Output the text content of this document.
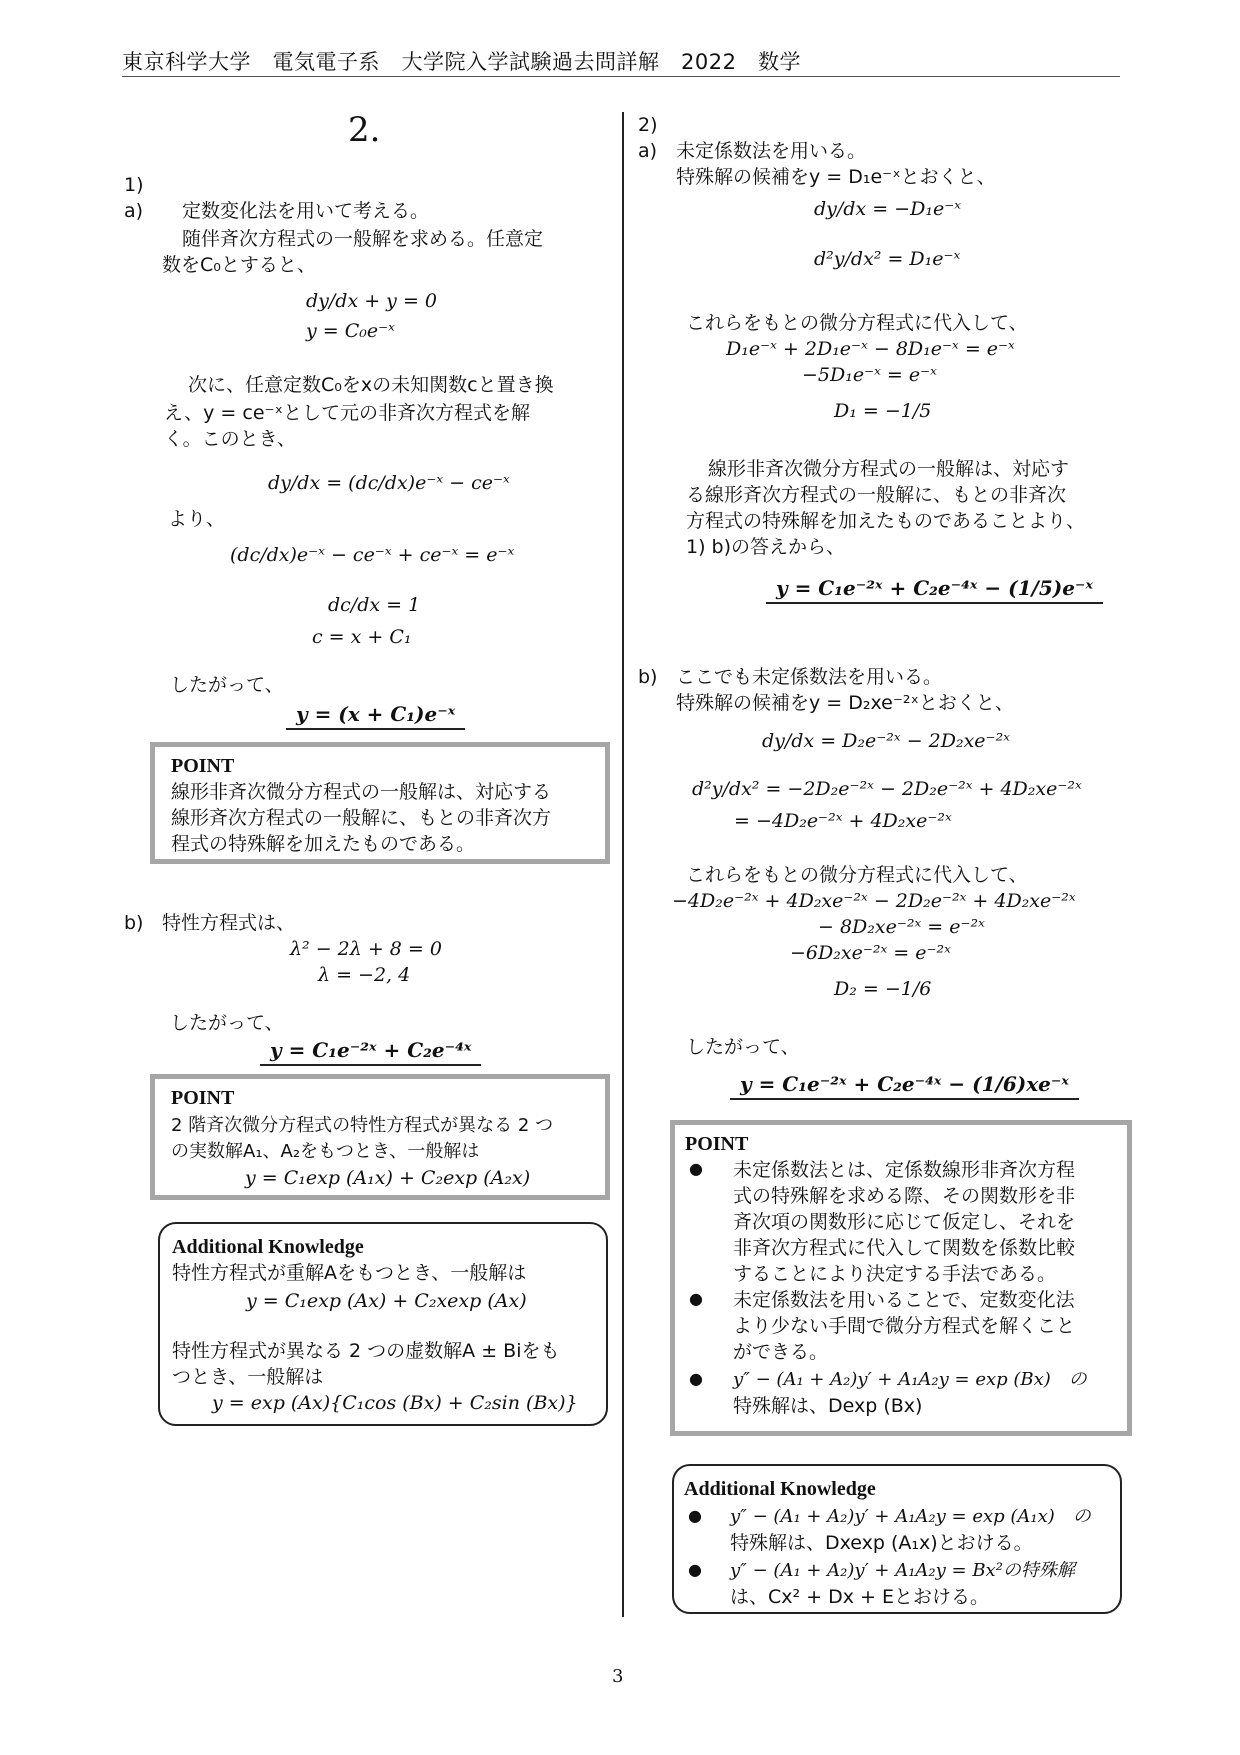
東京科学大学　電気電子系　大学院入学試験過去問詳解　2022　数学
2.
1)
a) 定数変化法を用いて考える。
随伴斉次方程式の一般解を求める。任意定
数をC₀とすると、
dy/dx + y = 0
y = C₀e⁻ˣ
次に、任意定数C₀をxの未知関数cと置き換
え、y = ce⁻ˣとして元の非斉次方程式を解
く。このとき、
dy/dx = (dc/dx)e⁻ˣ − ce⁻ˣ
より、
(dc/dx)e⁻ˣ − ce⁻ˣ + ce⁻ˣ = e⁻ˣ
dc/dx = 1
c = x + C₁
したがって、
y = (x + C₁)e⁻ˣ
POINT
線形非斉次微分方程式の一般解は、対応する
線形斉次方程式の一般解に、もとの非斉次方
程式の特殊解を加えたものである。
b) 特性方程式は、
λ² − 2λ + 8 = 0
λ = −2, 4
したがって、
y = C₁e⁻²ˣ + C₂e⁻⁴ˣ
POINT
2 階斉次微分方程式の特性方程式が異なる 2 つ
の実数解A₁、A₂をもつとき、一般解は
y = C₁exp (A₁x) + C₂exp (A₂x)
Additional Knowledge
特性方程式が重解Aをもつとき、一般解は
y = C₁exp (Ax) + C₂xexp (Ax)
特性方程式が異なる 2 つの虚数解A ± Biをも
つとき、一般解は
y = exp (Ax){C₁cos (Bx) + C₂sin (Bx)}
2)
a) 未定係数法を用いる。
特殊解の候補をy = D₁e⁻ˣとおくと、
dy/dx = −D₁e⁻ˣ
d²y/dx² = D₁e⁻ˣ
これらをもとの微分方程式に代入して、
D₁e⁻ˣ + 2D₁e⁻ˣ − 8D₁e⁻ˣ = e⁻ˣ
−5D₁e⁻ˣ = e⁻ˣ
D₁ = −1/5
線形非斉次微分方程式の一般解は、対応す
る線形斉次方程式の一般解に、もとの非斉次
方程式の特殊解を加えたものであることより、
1) b)の答えから、
y = C₁e⁻²ˣ + C₂e⁻⁴ˣ − (1/5)e⁻ˣ
b) ここでも未定係数法を用いる。
特殊解の候補をy = D₂xe⁻²ˣとおくと、
dy/dx = D₂e⁻²ˣ − 2D₂xe⁻²ˣ
d²y/dx² = −2D₂e⁻²ˣ − 2D₂e⁻²ˣ + 4D₂xe⁻²ˣ
= −4D₂e⁻²ˣ + 4D₂xe⁻²ˣ
これらをもとの微分方程式に代入して、
−4D₂e⁻²ˣ + 4D₂xe⁻²ˣ − 2D₂e⁻²ˣ + 4D₂xe⁻²ˣ
− 8D₂xe⁻²ˣ = e⁻²ˣ
−6D₂xe⁻²ˣ = e⁻²ˣ
D₂ = −1/6
したがって、
y = C₁e⁻²ˣ + C₂e⁻⁴ˣ − (1/6)xe⁻ˣ
POINT
● 未定係数法とは、定係数線形非斉次方程
式の特殊解を求める際、その関数形を非
斉次項の関数形に応じて仮定し、それを
非斉次方程式に代入して関数を係数比較
することにより決定する手法である。
● 未定係数法を用いることで、定数変化法
より少ない手間で微分方程式を解くこと
ができる。
● y″ − (A₁ + A₂)y′ + A₁A₂y = exp (Bx)　の
特殊解は、Dexp (Bx)
Additional Knowledge
● y″ − (A₁ + A₂)y′ + A₁A₂y = exp (A₁x)　の
特殊解は、Dxexp (A₁x)とおける。
● y″ − (A₁ + A₂)y′ + A₁A₂y = Bx²の特殊解
は、Cx² + Dx + Eとおける。
3
